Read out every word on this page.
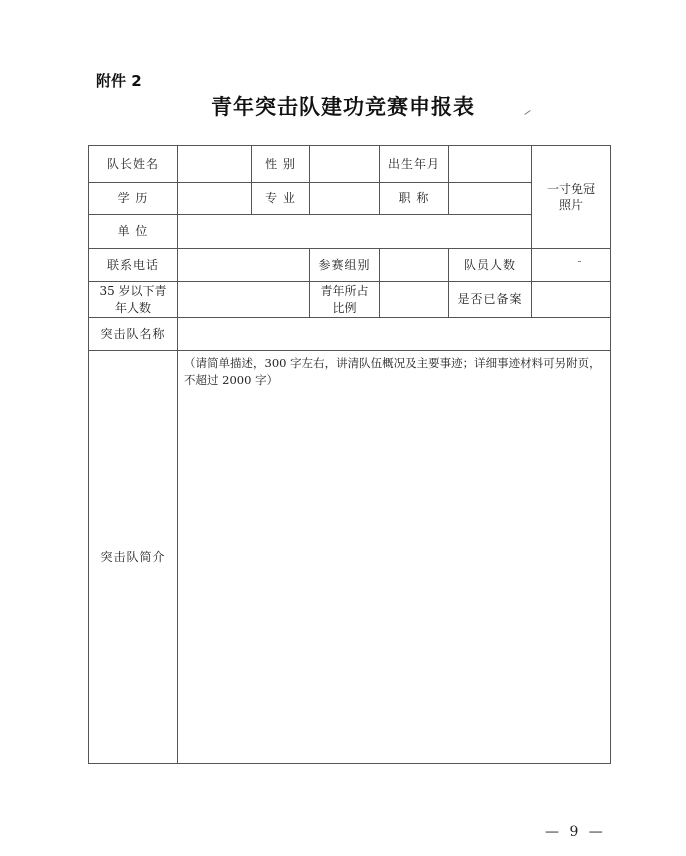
附件 2
青年突击队建功竞赛申报表
队长姓名		性 别		出生年月		一寸免冠照片
学 历		专 业		职 称		
单 位						
联系电话			参赛组别		队员人数	
35 岁以下青年人数			青年所占比例		是否已备案	
突击队名称						
突击队简介	（请简单描述，300 字左右，讲清队伍概况及主要事迹；详细事迹材料可另附页，不超过 2000 字）					
— 9 —
